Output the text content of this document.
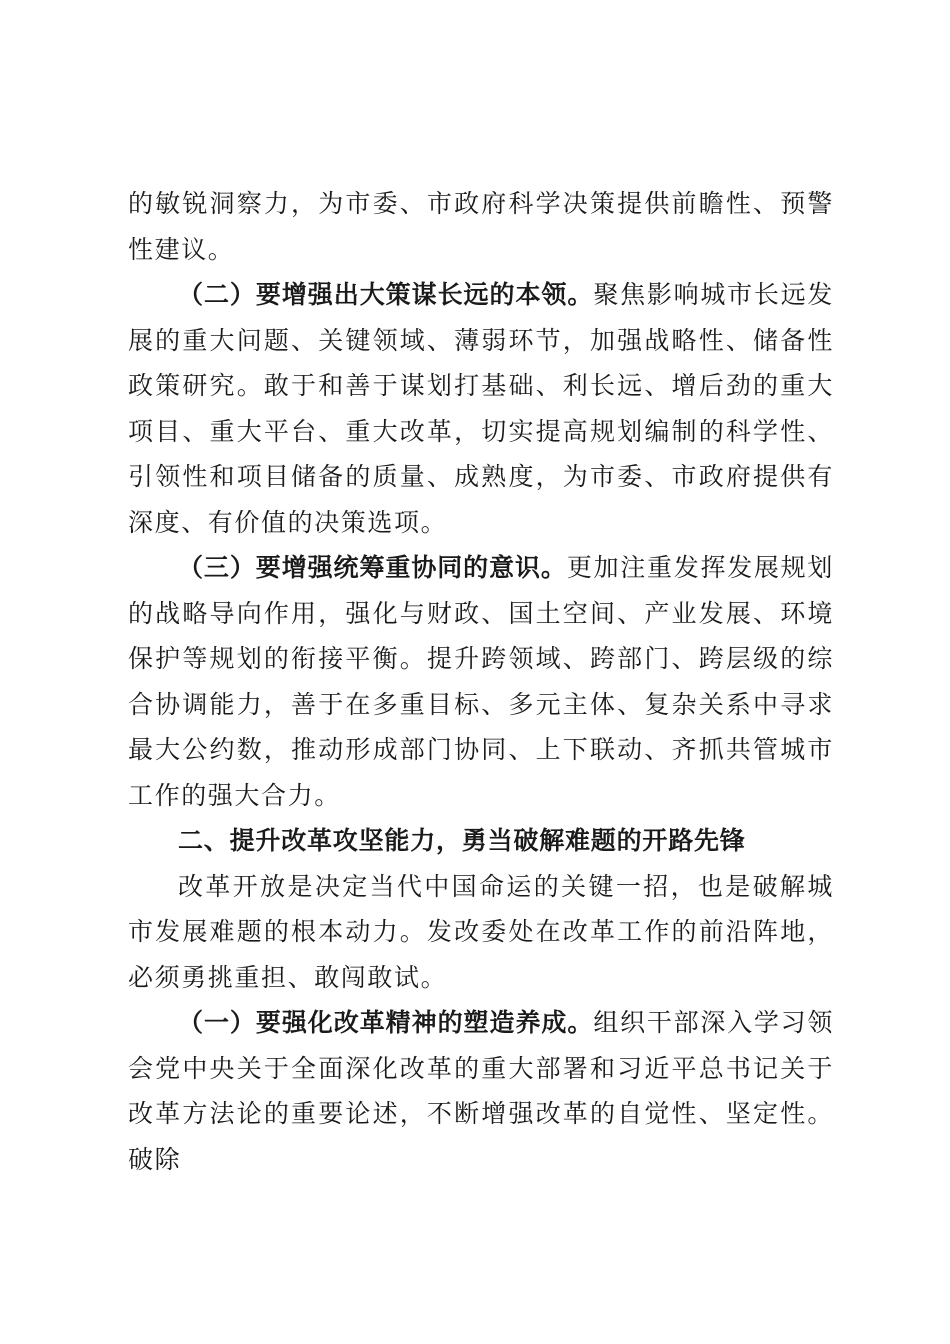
的敏锐洞察力，为市委、市政府科学决策提供前瞻性、预警性建议。

（二）要增强出大策谋长远的本领。聚焦影响城市长远发展的重大问题、关键领域、薄弱环节，加强战略性、储备性政策研究。敢于和善于谋划打基础、利长远、增后劲的重大项目、重大平台、重大改革，切实提高规划编制的科学性、引领性和项目储备的质量、成熟度，为市委、市政府提供有深度、有价值的决策选项。

（三）要增强统筹重协同的意识。更加注重发挥发展规划的战略导向作用，强化与财政、国土空间、产业发展、环境保护等规划的衔接平衡。提升跨领域、跨部门、跨层级的综合协调能力，善于在多重目标、多元主体、复杂关系中寻求最大公约数，推动形成部门协同、上下联动、齐抓共管城市工作的强大合力。

二、提升改革攻坚能力，勇当破解难题的开路先锋

改革开放是决定当代中国命运的关键一招，也是破解城市发展难题的根本动力。发改委处在改革工作的前沿阵地，必须勇挑重担、敢闯敢试。

（一）要强化改革精神的塑造养成。组织干部深入学习领会党中央关于全面深化改革的重大部署和习近平总书记关于改革方法论的重要论述，不断增强改革的自觉性、坚定性。破除
